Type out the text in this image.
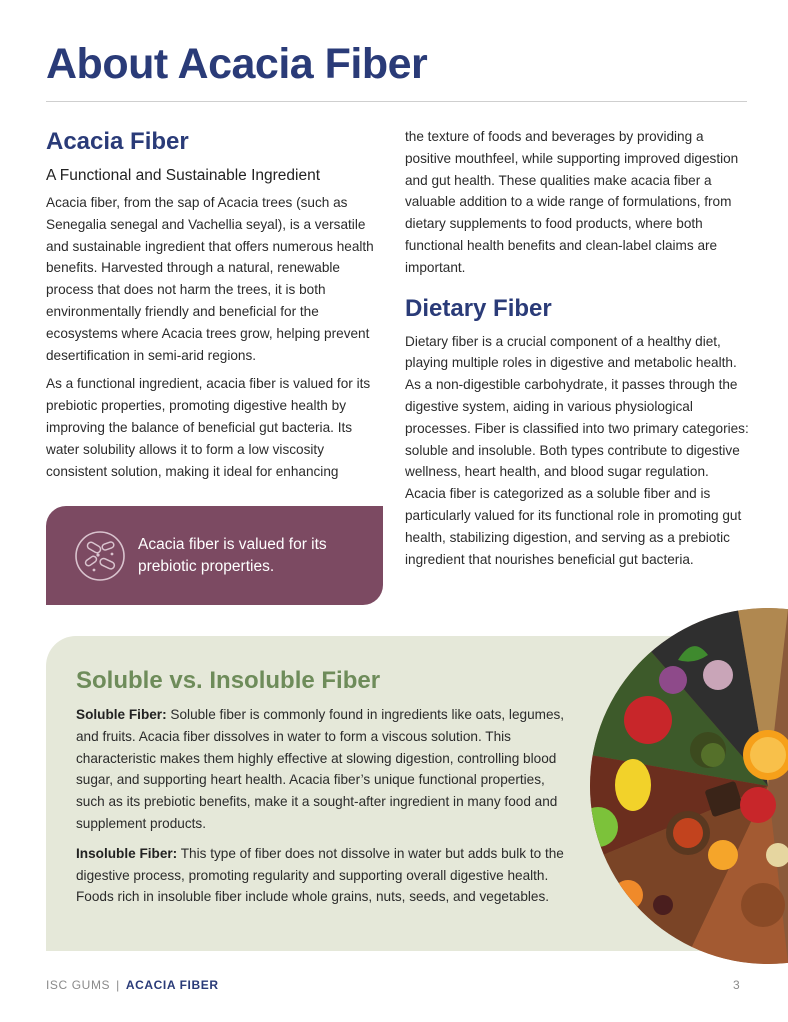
About Acacia Fiber
Acacia Fiber
A Functional and Sustainable Ingredient

Acacia fiber, from the sap of Acacia trees (such as Senegalia senegal and Vachellia seyal), is a versatile and sustainable ingredient that offers numerous health benefits. Harvested through a natural, renewable process that does not harm the trees, it is both environmentally friendly and beneficial for the ecosystems where Acacia trees grow, helping prevent desertification in semi-arid regions.

As a functional ingredient, acacia fiber is valued for its prebiotic properties, promoting digestive health by improving the balance of beneficial gut bacteria. Its water solubility allows it to form a low viscosity consistent solution, making it ideal for enhancing

Acacia fiber is valued for its prebiotic properties.

the texture of foods and beverages by providing a positive mouthfeel, while supporting improved digestion and gut health. These qualities make acacia fiber a valuable addition to a wide range of formulations, from dietary supplements to food products, where both functional health benefits and clean-label claims are important.

Dietary Fiber

Dietary fiber is a crucial component of a healthy diet, playing multiple roles in digestive and metabolic health. As a non-digestible carbohydrate, it passes through the digestive system, aiding in various physiological processes. Fiber is classified into two primary categories: soluble and insoluble. Both types contribute to digestive wellness, heart health, and blood sugar regulation. Acacia fiber is categorized as a soluble fiber and is particularly valued for its functional role in promoting gut health, stabilizing digestion, and serving as a prebiotic ingredient that nourishes beneficial gut bacteria.

Soluble vs. Insoluble Fiber

Soluble Fiber: Soluble fiber is commonly found in ingredients like oats, legumes, and fruits. Acacia fiber dissolves in water to form a viscous solution. This characteristic makes them highly effective at slowing digestion, controlling blood sugar, and supporting heart health. Acacia fiber’s unique functional properties, such as its prebiotic benefits, make it a sought-after ingredient in many food and supplement products.

Insoluble Fiber: This type of fiber does not dissolve in water but adds bulk to the digestive process, promoting regularity and supporting overall digestive health. Foods rich in insoluble fiber include whole grains, nuts, seeds, and vegetables.

ISC GUMS | ACACIA FIBER	3
